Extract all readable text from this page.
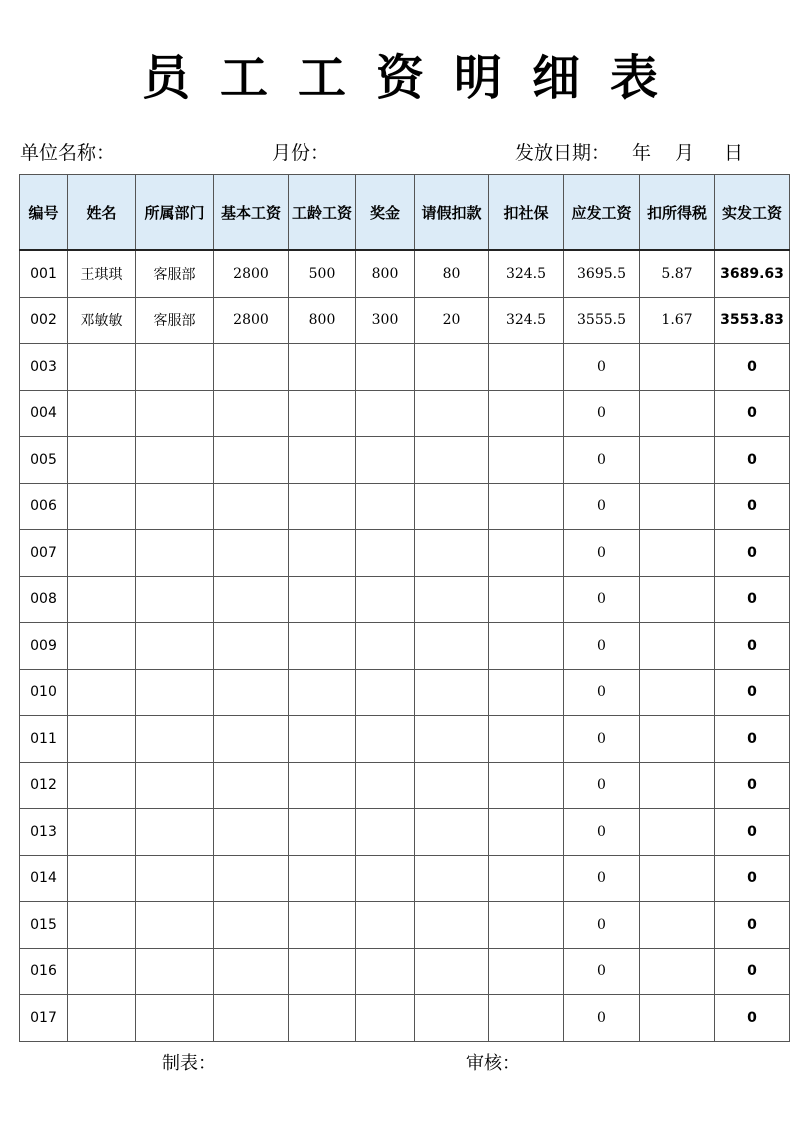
员工工资明细表
单位名称：	月份：	发放日期： 年 月 日
编号	姓名	所属部门	基本工资	工龄工资	奖金	请假扣款	扣社保	应发工资	扣所得税	实发工资
001	王琪琪	客服部	2800	500	800	80	324.5	3695.5	5.87	3689.63
002	邓敏敏	客服部	2800	800	300	20	324.5	3555.5	1.67	3553.83
003								0		0
004								0		0
005								0		0
006								0		0
007								0		0
008								0		0
009								0		0
010								0		0
011								0		0
012								0		0
013								0		0
014								0		0
015								0		0
016								0		0
017								0		0
制表：	审核：
